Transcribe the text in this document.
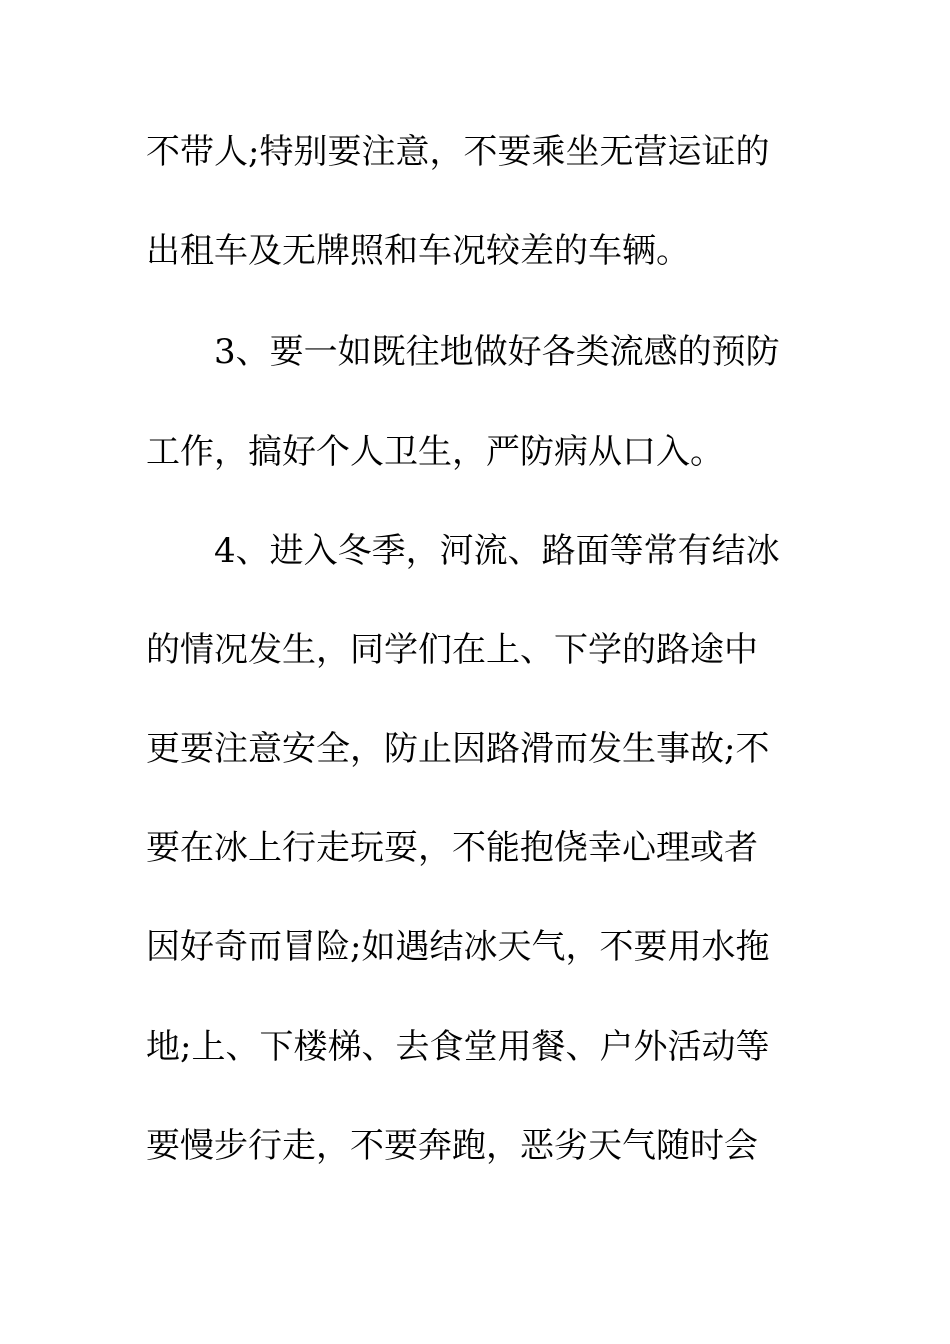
不带人;特别要注意，不要乘坐无营运证的
出租车及无牌照和车况较差的车辆。
3、要一如既往地做好各类流感的预防
工作，搞好个人卫生，严防病从口入。
4、进入冬季，河流、路面等常有结冰
的情况发生，同学们在上、下学的路途中
更要注意安全，防止因路滑而发生事故;不
要在冰上行走玩耍，不能抱侥幸心理或者
因好奇而冒险;如遇结冰天气，不要用水拖
地;上、下楼梯、去食堂用餐、户外活动等
要慢步行走，不要奔跑，恶劣天气随时会
